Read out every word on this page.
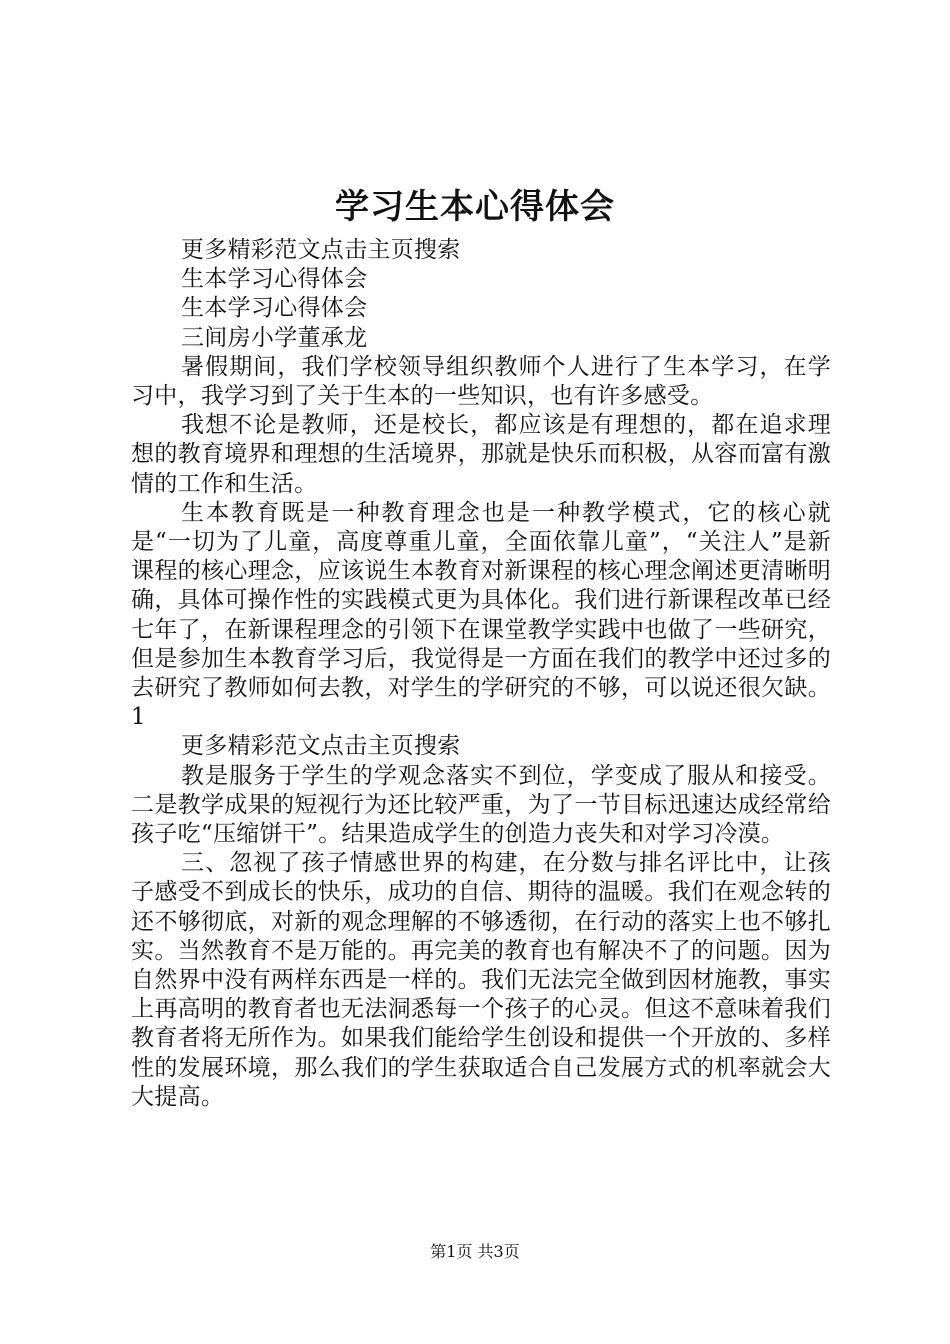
学习生本心得体会

更多精彩范文点击主页搜索

生本学习心得体会

生本学习心得体会

三间房小学董承龙

暑假期间，我们学校领导组织教师个人进行了生本学习，在学习中，我学习到了关于生本的一些知识，也有许多感受。

我想不论是教师，还是校长，都应该是有理想的，都在追求理想的教育境界和理想的生活境界，那就是快乐而积极，从容而富有激情的工作和生活。

生本教育既是一种教育理念也是一种教学模式，它的核心就是“一切为了儿童，高度尊重儿童，全面依靠儿童”，“关注人”是新课程的核心理念，应该说生本教育对新课程的核心理念阐述更清晰明确，具体可操作性的实践模式更为具体化。我们进行新课程改革已经七年了，在新课程理念的引领下在课堂教学实践中也做了一些研究，但是参加生本教育学习后，我觉得是一方面在我们的教学中还过多的去研究了教师如何去教，对学生的学研究的不够，可以说还很欠缺。1

更多精彩范文点击主页搜索

教是服务于学生的学观念落实不到位，学变成了服从和接受。二是教学成果的短视行为还比较严重，为了一节目标迅速达成经常给孩子吃“压缩饼干”。结果造成学生的创造力丧失和对学习冷漠。

三、忽视了孩子情感世界的构建，在分数与排名评比中，让孩子感受不到成长的快乐，成功的自信、期待的温暖。我们在观念转的还不够彻底，对新的观念理解的不够透彻，在行动的落实上也不够扎实。当然教育不是万能的。再完美的教育也有解决不了的问题。因为自然界中没有两样东西是一样的。我们无法完全做到因材施教，事实上再高明的教育者也无法洞悉每一个孩子的心灵。但这不意味着我们教育者将无所作为。如果我们能给学生创设和提供一个开放的、多样性的发展环境，那么我们的学生获取适合自己发展方式的机率就会大大提高。

第1页 共3页
